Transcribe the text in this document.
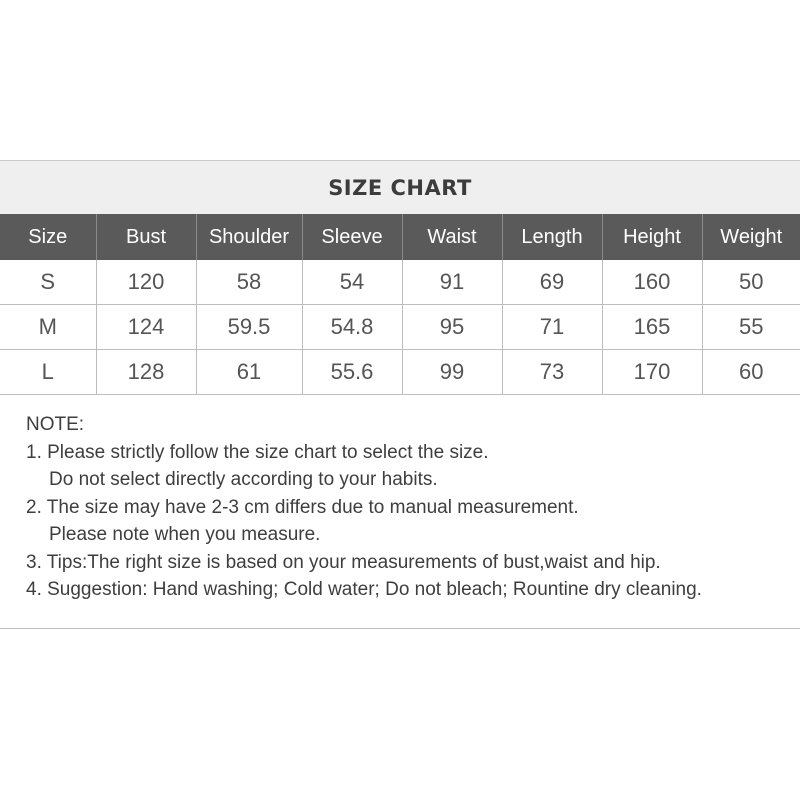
SIZE CHART
Size	Bust	Shoulder	Sleeve	Waist	Length	Height	Weight
S	120	58	54	91	69	160	50
M	124	59.5	54.8	95	71	165	55
L	128	61	55.6	99	73	170	60
NOTE:
1. Please strictly follow the size chart to select the size.
Do not select directly according to your habits.
2. The size may have 2-3 cm differs due to manual measurement.
Please note when you measure.
3. Tips:The right size is based on your measurements of bust,waist and hip.
4. Suggestion: Hand washing; Cold water; Do not bleach; Rountine dry cleaning.
